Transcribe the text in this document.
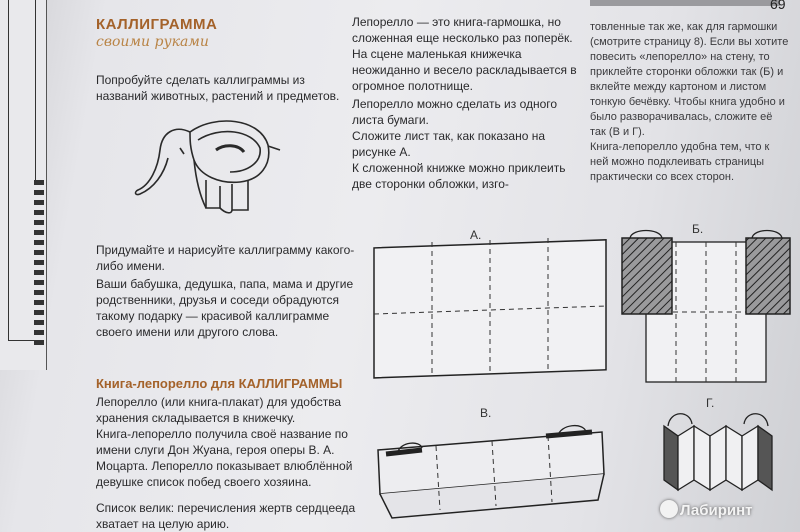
69
КАЛЛИГРАММА
своими руками
Попробуйте сделать каллиграммы из названий животных, растений и предметов.
Придумайте и нарисуйте каллиграмму какого-либо имени.
Ваши бабушка, дедушка, папа, мама и другие родственники, друзья и соседи обрадуются такому подарку — красивой каллиграмме своего имени или другого слова.
Книга-лепорелло для КАЛЛИГРАММЫ
Лепорелло (или книга-плакат) для удобства хранения складывается в книжечку.
Книга-лепорелло получила своё название по имени слуги Дон Жуана, героя оперы В. А. Моцарта. Лепорелло показывает влюблённой девушке список побед своего хозяина.
Список велик: перечисления жертв сердцееда хватает на целую арию.
Лепорелло — это книга-гармошка, но сложенная еще несколько раз поперёк. На сцене маленькая книжечка неожиданно и весело раскладывается в огромное полотнище.
Лепорелло можно сделать из одного листа бумаги.
Сложите лист так, как показано на рисунке А.
К сложенной книжке можно приклеить две сторонки обложки, изго-
товленные так же, как для гармошки (смотрите страницу 8). Если вы хотите повесить «лепорелло» на стену, то приклейте сторонки обложки так (Б) и вклейте между картоном и листом тонкую бечёвку. Чтобы книга удобно и было разворачивалась, сложите её так (В и Г).
Книга-лепорелло удобна тем, что к ней можно подклеивать страницы практически со всех сторон.
А.	Б.
В.
Г.
Лабиринт
